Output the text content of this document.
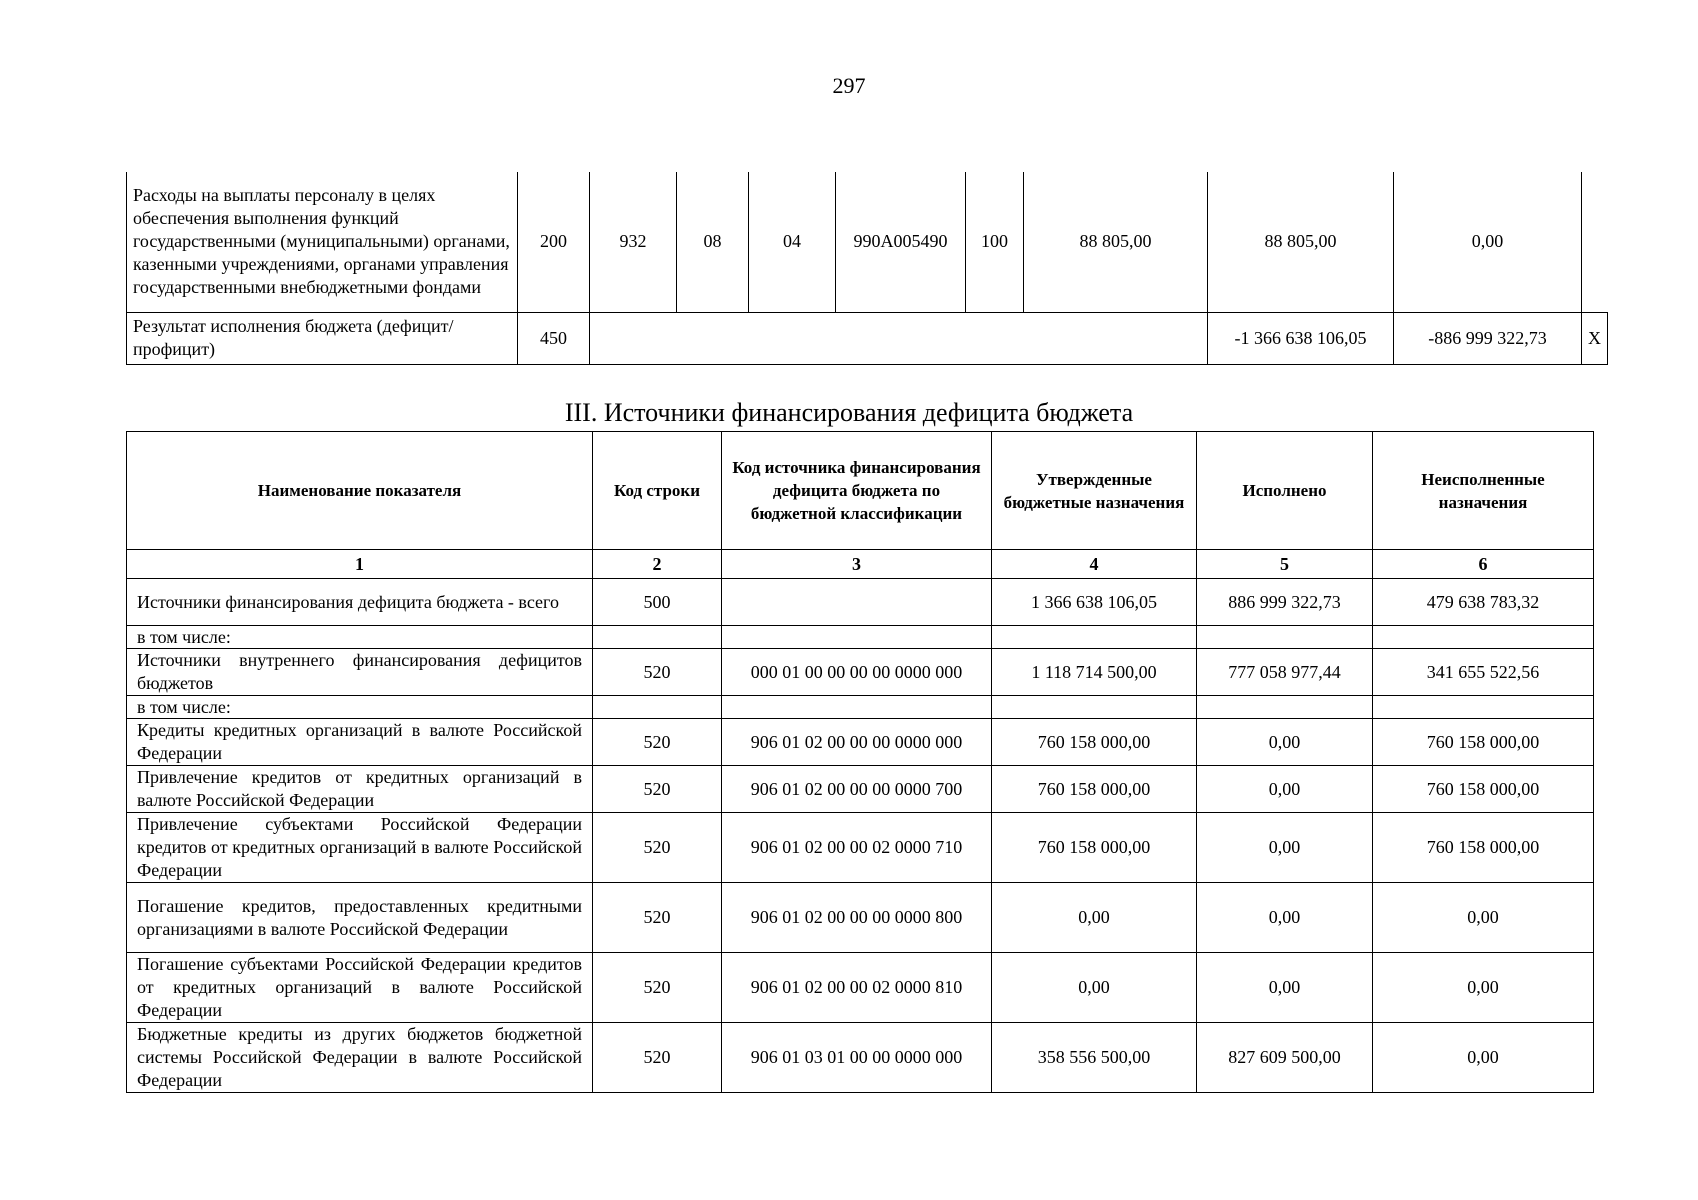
297
Расходы на выплаты персоналу в целях обеспечения выполнения функций государственными (муниципальными) органами, казенными учреждениями, органами управления государственными внебюджетными фондами	200	932	08	04	990А005490	100	88 805,00	88 805,00	0,00	
Результат исполнения бюджета (дефицит/профицит)	450							-1 366 638 106,05	-886 999 322,73	X
III. Источники финансирования дефицита бюджета
Наименование показателя	Код строки	Код источника финансирования дефицита бюджета по бюджетной классификации	Утвержденные бюджетные назначения	Исполнено	Неисполненные назначения
1	2	3	4	5	6
Источники финансирования дефицита бюджета - всего	500		1 366 638 106,05	886 999 322,73	479 638 783,32
в том числе:					
Источники внутреннего финансирования дефицитов бюджетов	520	000 01 00 00 00 00 0000 000	1 118 714 500,00	777 058 977,44	341 655 522,56
в том числе:					
Кредиты кредитных организаций в валюте Российской Федерации	520	906 01 02 00 00 00 0000 000	760 158 000,00	0,00	760 158 000,00
Привлечение кредитов от кредитных организаций в валюте Российской Федерации	520	906 01 02 00 00 00 0000 700	760 158 000,00	0,00	760 158 000,00
Привлечение субъектами Российской Федерации кредитов от кредитных организаций в валюте Российской Федерации	520	906 01 02 00 00 02 0000 710	760 158 000,00	0,00	760 158 000,00
Погашение кредитов, предоставленных кредитными организациями в валюте Российской Федерации	520	906 01 02 00 00 00 0000 800	0,00	0,00	0,00
Погашение субъектами Российской Федерации кредитов от кредитных организаций в валюте Российской Федерации	520	906 01 02 00 00 02 0000 810	0,00	0,00	0,00
Бюджетные кредиты из других бюджетов бюджетной системы Российской Федерации в валюте Российской Федерации	520	906 01 03 01 00 00 0000 000	358 556 500,00	827 609 500,00	0,00
